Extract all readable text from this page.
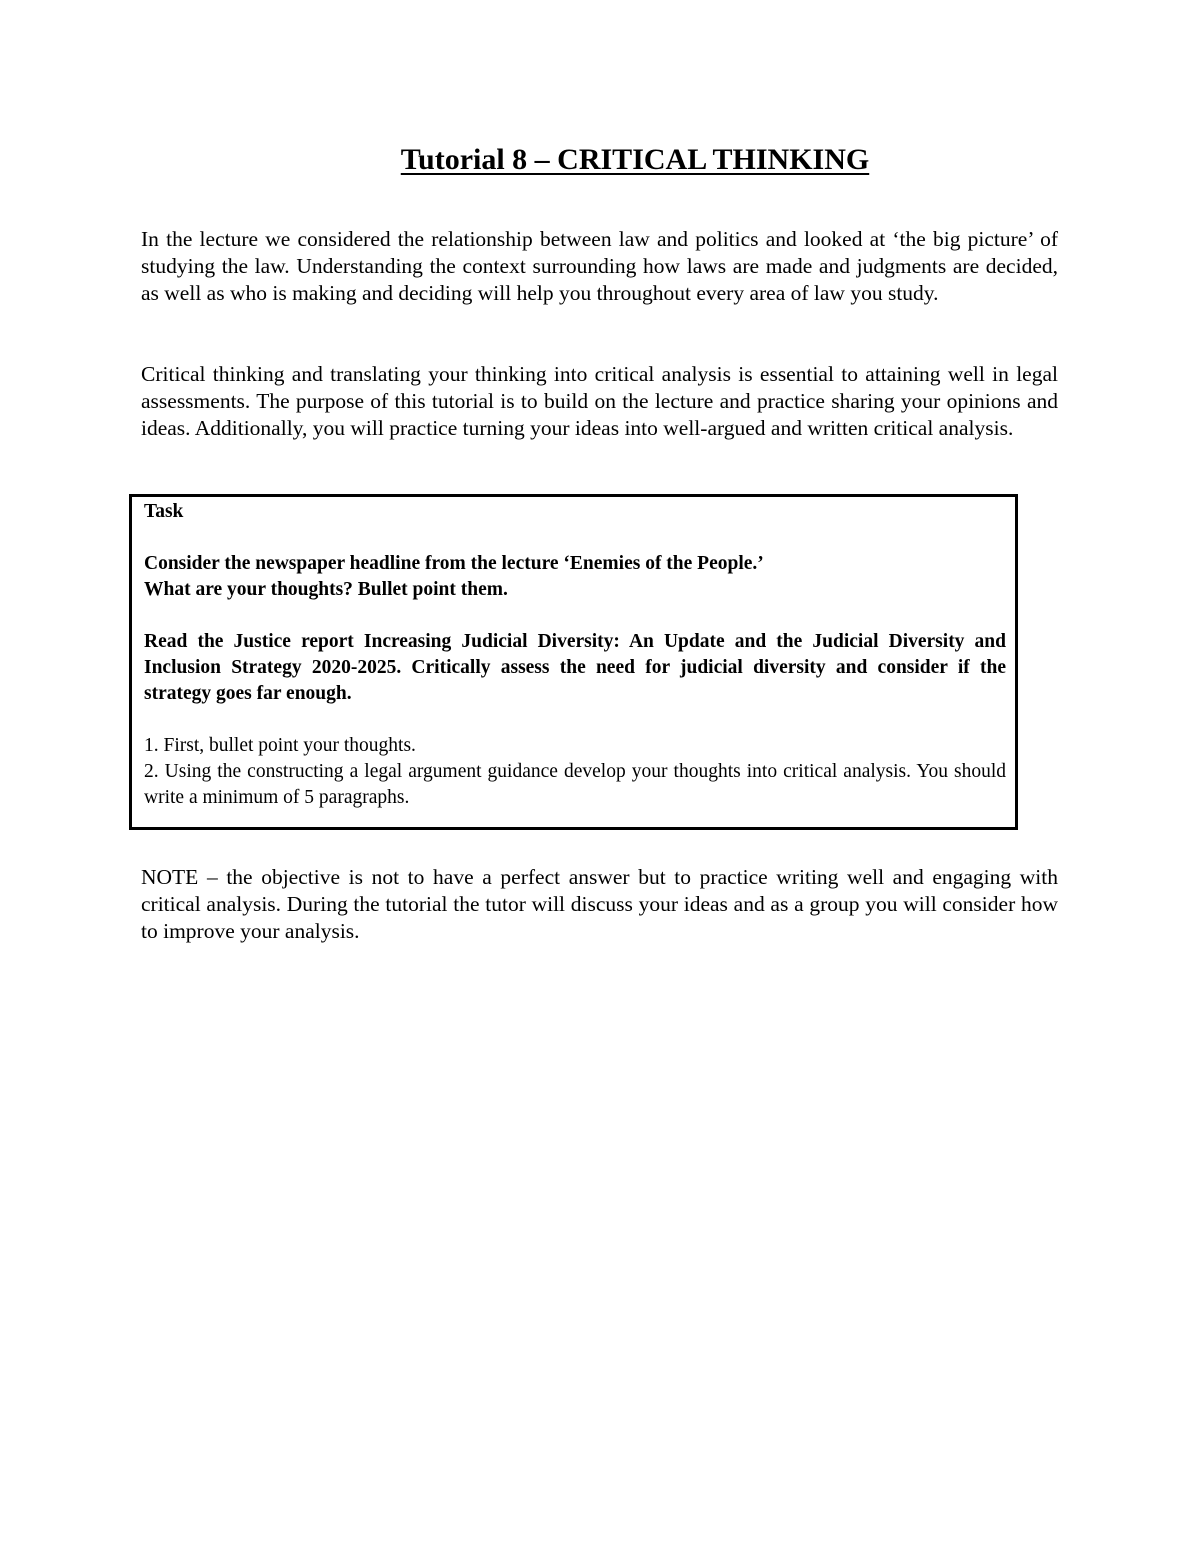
Tutorial 8 – CRITICAL THINKING

In the lecture we considered the relationship between law and politics and looked at ‘the big picture’ of studying the law. Understanding the context surrounding how laws are made and judgments are decided, as well as who is making and deciding will help you throughout every area of law you study.

Critical thinking and translating your thinking into critical analysis is essential to attaining well in legal assessments. The purpose of this tutorial is to build on the lecture and practice sharing your opinions and ideas. Additionally, you will practice turning your ideas into well-argued and written critical analysis.

Task

Consider the newspaper headline from the lecture ‘Enemies of the People.’

What are your thoughts? Bullet point them.

Read the Justice report Increasing Judicial Diversity: An Update and the Judicial Diversity and Inclusion Strategy 2020-2025. Critically assess the need for judicial diversity and consider if the strategy goes far enough.

1. First, bullet point your thoughts.

2. Using the constructing a legal argument guidance develop your thoughts into critical analysis. You should write a minimum of 5 paragraphs.

NOTE – the objective is not to have a perfect answer but to practice writing well and engaging with critical analysis. During the tutorial the tutor will discuss your ideas and as a group you will consider how to improve your analysis.
